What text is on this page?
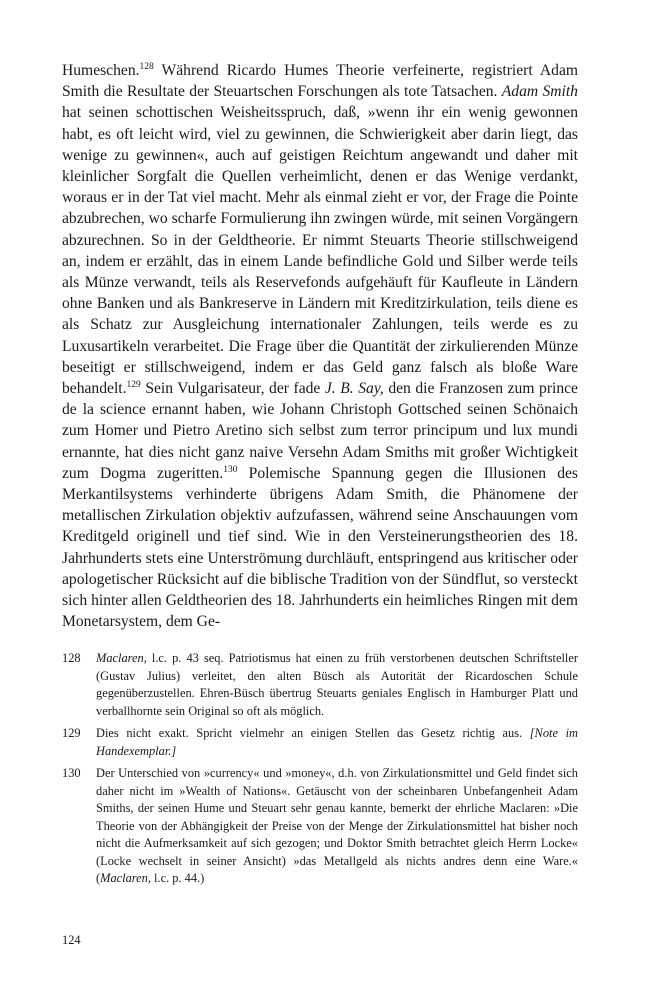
Humeschen.$^{128}$ Während Ricardo Humes Theorie verfeinerte, registriert Adam Smith die Resultate der Steuartschen Forschungen als tote Tatsachen. Adam Smith hat seinen schottischen Weisheitsspruch, daß, »wenn ihr ein wenig gewonnen habt, es oft leicht wird, viel zu gewinnen, die Schwierigkeit aber darin liegt, das wenige zu gewinnen«, auch auf geistigen Reichtum angewandt und daher mit kleinlicher Sorgfalt die Quellen verheimlicht, denen er das Wenige verdankt, woraus er in der Tat viel macht. Mehr als einmal zieht er vor, der Frage die Pointe abzubrechen, wo scharfe Formulierung ihn zwingen würde, mit seinen Vorgängern abzurechnen. So in der Geldtheorie. Er nimmt Steuarts Theorie stillschweigend an, indem er erzählt, das in einem Lande befindliche Gold und Silber werde teils als Münze verwandt, teils als Reservefonds aufgehäuft für Kaufleute in Ländern ohne Banken und als Bankreserve in Ländern mit Kreditzirkulation, teils diene es als Schatz zur Ausgleichung internationaler Zahlungen, teils werde es zu Luxusartikeln verarbeitet. Die Frage über die Quantität der zirkulierenden Münze beseitigt er stillschweigend, indem er das Geld ganz falsch als bloße Ware behandelt.$^{129}$ Sein Vulgarisateur, der fade J. B. Say, den die Franzosen zum prince de la science ernannt haben, wie Johann Christoph Gottsched seinen Schönaich zum Homer und Pietro Aretino sich selbst zum terror principum und lux mundi ernannte, hat dies nicht ganz naive Versehn Adam Smiths mit großer Wichtigkeit zum Dogma zugeritten.$^{130}$ Polemische Spannung gegen die Illusionen des Merkantilsystems verhinderte übrigens Adam Smith, die Phänomene der metallischen Zirkulation objektiv aufzufassen, während seine Anschauungen vom Kreditgeld originell und tief sind. Wie in den Versteinerungstheorien des 18. Jahrhunderts stets eine Unterströmung durchläuft, entspringend aus kritischer oder apologetischer Rücksicht auf die biblische Tradition von der Sündflut, so versteckt sich hinter allen Geldtheorien des 18. Jahrhunderts ein heimliches Ringen mit dem Monetarsystem, dem Ge-

128	Maclaren, l.c. p. 43 seq. Patriotismus hat einen zu früh verstorbenen deutschen Schriftsteller (Gustav Julius) verleitet, den alten Büsch als Autorität der Ricardoschen Schule gegenüberzustellen. Ehren-Büsch übertrug Steuarts geniales Englisch in Hamburger Platt und verballhornte sein Original so oft als möglich.
129	Dies nicht exakt. Spricht vielmehr an einigen Stellen das Gesetz richtig aus. [Note im Handexemplar.]
130	Der Unterschied von »currency« und »money«, d.h. von Zirkulationsmittel und Geld findet sich daher nicht im »Wealth of Nations«. Getäuscht von der scheinbaren Unbefangenheit Adam Smiths, der seinen Hume und Steuart sehr genau kannte, bemerkt der ehrliche Maclaren: »Die Theorie von der Abhängigkeit der Preise von der Menge der Zirkulationsmittel hat bisher noch nicht die Aufmerksamkeit auf sich gezogen; und Doktor Smith betrachtet gleich Herrn Locke« (Locke wechselt in seiner Ansicht) »das Metallgeld als nichts andres denn eine Ware.« (Maclaren, l.c. p. 44.)
124
